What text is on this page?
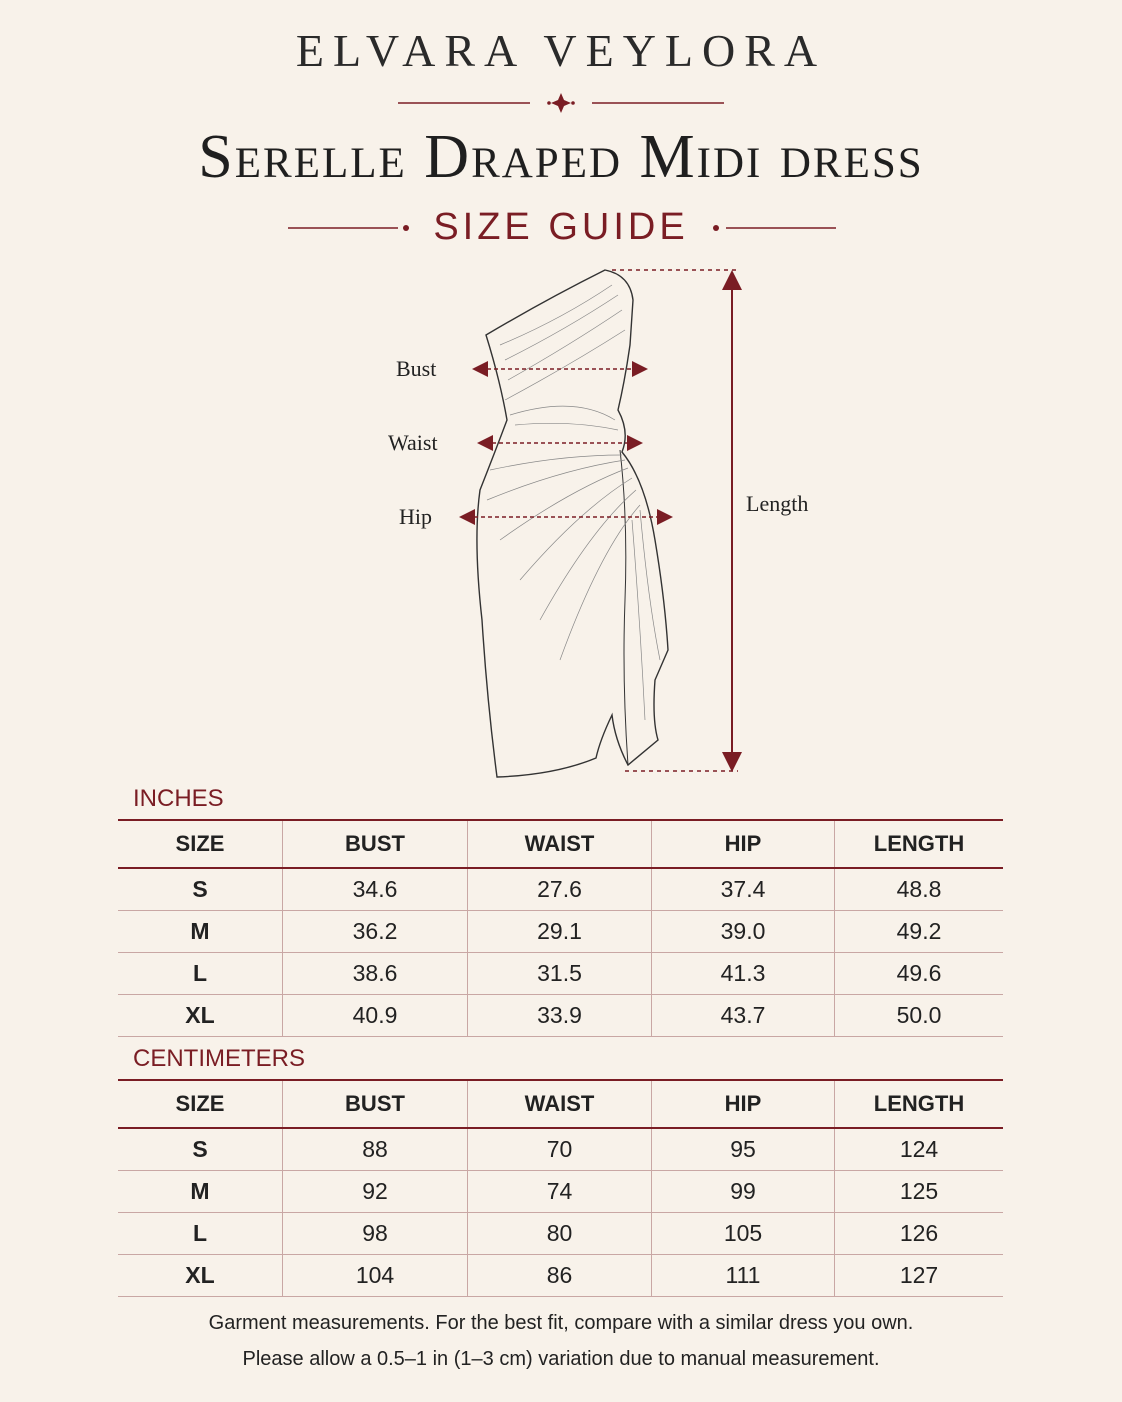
ELVARA VEYLORA
Serelle Draped Midi dress
SIZE GUIDE
Bust
Waist
Hip
Length
INCHES
SIZE	BUST	WAIST	HIP	LENGTH
S	34.6	27.6	37.4	48.8
M	36.2	29.1	39.0	49.2
L	38.6	31.5	41.3	49.6
XL	40.9	33.9	43.7	50.0
CENTIMETERS
SIZE	BUST	WAIST	HIP	LENGTH
S	88	70	95	124
M	92	74	99	125
L	98	80	105	126
XL	104	86	111	127
Garment measurements. For the best fit, compare with a similar dress you own.
Please allow a 0.5–1 in (1–3 cm) variation due to manual measurement.
